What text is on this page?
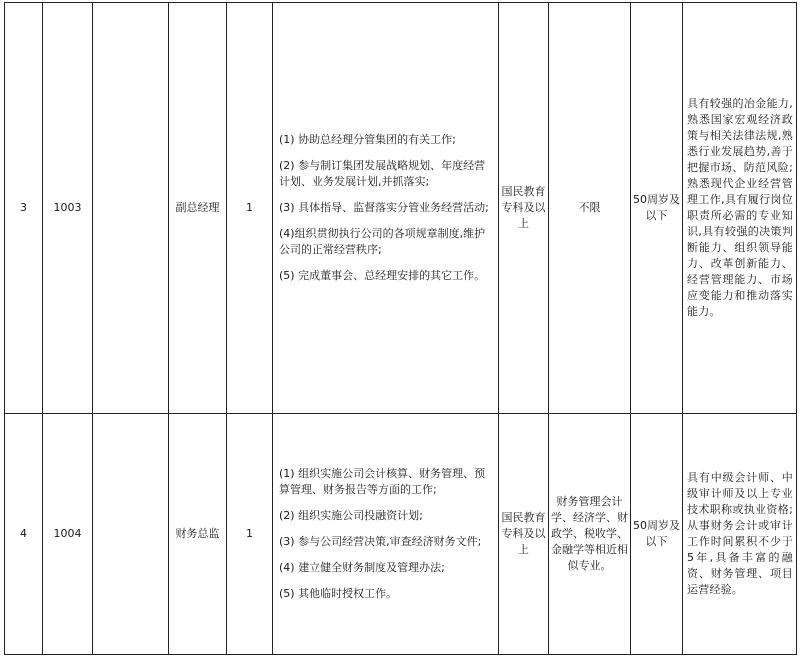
3	1003		副总经理	1	(1) 协助总经理分管集团的有关工作;
(2) 参与制订集团发展战略规划、年度经营计划、业务发展计划,并抓落实;
(3) 具体指导、监督落实分管业务经营活动;
(4)组织贯彻执行公司的各项规章制度,维护公司的正常经营秩序;
(5) 完成董事会、总经理安排的其它工作。	国民教育专科及以上	不限	50周岁及以下	具有较强的冶金能力,熟悉国家宏观经济政策与相关法律法规,熟悉行业发展趋势,善于把握市场、防范风险;熟悉现代企业经营管理工作,具有履行岗位职责所必需的专业知识,具有较强的决策判断能力、组织领导能力、改革创新能力、经营管理能力、市场应变能力和推动落实能力。
4	1004		财务总监	1	(1) 组织实施公司会计核算、财务管理、预算管理、财务报告等方面的工作;
(2) 组织实施公司投融资计划;
(3) 参与公司经营决策,审查经济财务文件;
(4) 建立健全财务制度及管理办法;
(5) 其他临时授权工作。	国民教育专科及以上	财务管理会计学、经济学、财政学、税收学、金融学等相近相似专业。	50周岁及以下	具有中级会计师、中级审计师及以上专业技术职称或执业资格;从事财务会计或审计工作时间累积不少于5年,具备丰富的融资、财务管理、项目运营经验。
